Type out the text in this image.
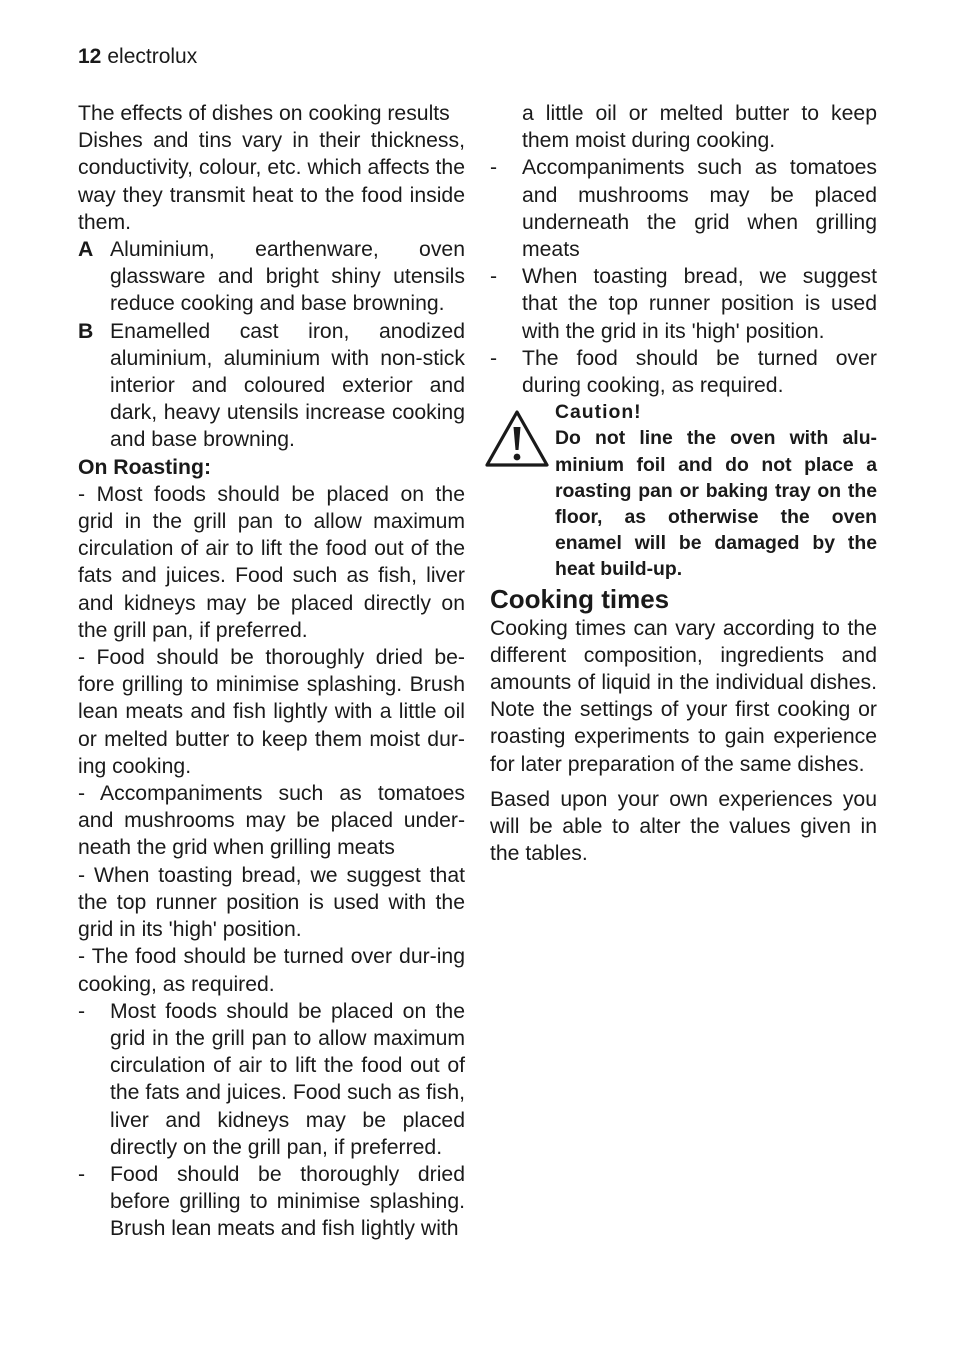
12 electrolux

The effects of dishes on cooking results

Dishes and tins vary in their thickness, conductivity, colour, etc. which affects the way they transmit heat to the food inside them.

A Aluminium, earthenware, oven glassware and bright shiny utensils reduce cooking and base browning.
B Enamelled cast iron, anodized aluminium, aluminium with non-stick interior and coloured exterior and dark, heavy utensils increase cooking and base browning.

On Roasting:

- Most foods should be placed on the grid in the grill pan to allow maximum circulation of air to lift the food out of the fats and juices. Food such as fish, liver and kidneys may be placed directly on the grill pan, if preferred.

- Food should be thoroughly dried be-fore grilling to minimise splashing. Brush lean meats and fish lightly with a little oil or melted butter to keep them moist dur-ing cooking.

- Accompaniments such as tomatoes and mushrooms may be placed under-neath the grid when grilling meats

- When toasting bread, we suggest that the top runner position is used with the grid in its 'high' position.

- The food should be turned over dur-ing cooking, as required.

- Most foods should be placed on the grid in the grill pan to allow maximum circulation of air to lift the food out of the fats and juices. Food such as fish, liver and kidneys may be placed directly on the grill pan, if preferred.
- Food should be thoroughly dried before grilling to minimise splashing. Brush lean meats and fish lightly with

a little oil or melted butter to keep them moist during cooking.

- Accompaniments such as tomatoes and mushrooms may be placed underneath the grid when grilling meats
- When toasting bread, we suggest that the top runner position is used with the grid in its 'high' position.
- The food should be turned over during cooking, as required.
Caution!
Do not line the oven with alu-minium foil and do not place a roasting pan or baking tray on the floor, as otherwise the oven enamel will be damaged by the heat build-up.

Cooking times

Cooking times can vary according to the different composition, ingredients and amounts of liquid in the individual dishes. Note the settings of your first cooking or roasting experiments to gain experience for later preparation of the same dishes.

Based upon your own experiences you will be able to alter the values given in the tables.
